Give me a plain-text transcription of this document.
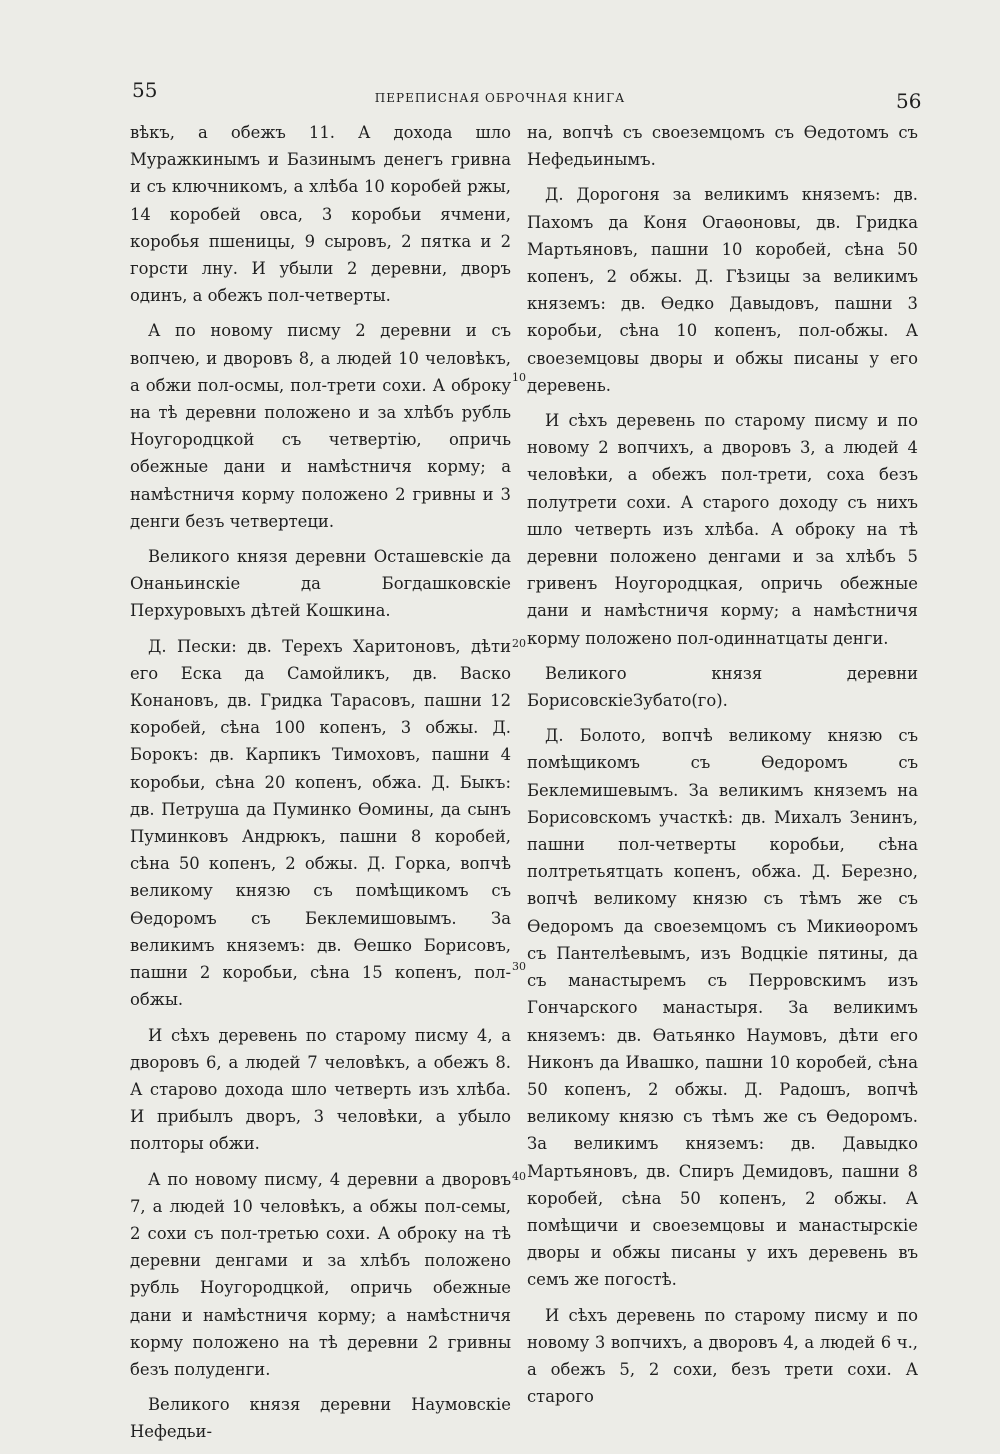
55	ПЕРЕПИСНАЯ ОБРОЧНАЯ КНИГА	56

вѣкъ, а обежъ 11. А дохода шло Муражкинымъ и Базинымъ денегъ гривна и съ ключникомъ, а хлѣба 10 коробей ржы, 14 коробей овса, 3 коробьи ячмени, коробья пшеницы, 9 сыровъ, 2 пятка и 2 горсти лну. И убыли 2 деревни, дворъ одинъ, а обежъ пол-четверты.

А по новому писму 2 деревни и съ вопчею, и дворовъ 8, а людей 10 человѣкъ, а обжи пол-осмы, пол-трети сохи. А оброку на тѣ деревни положено и за хлѣбъ рубль Ноугородцкой съ четвертію, опричь обежные дани и намѣстничя корму; а намѣстничя корму положено 2 гривны и 3 денги безъ четвертеци.

Великого князя деревни Осташевскіе да Онаньинскіе да Богдашковскіе Перхуровыхъ дѣтей Кошкина.

Д. Пески: дв. Терехъ Харитоновъ, дѣти его Еска да Самойликъ, дв. Васко Конановъ, дв. Гридка Тарасовъ, пашни 12 коробей, сѣна 100 копенъ, 3 обжы. Д. Борокъ: дв. Карпикъ Тимоховъ, пашни 4 коробьи, сѣна 20 копенъ, обжа. Д. Быкъ: дв. Петруша да Пуминко Ѳомины, да сынъ Пуминковъ Андрюкъ, пашни 8 коробей, сѣна 50 копенъ, 2 обжы. Д. Горка, вопчѣ великому князю съ помѣщикомъ съ Ѳедоромъ съ Беклемишовымъ. За великимъ княземъ: дв. Ѳешко Борисовъ, пашни 2 коробьи, сѣна 15 копенъ, пол-обжы.

И сѣхъ деревень по старому писму 4, а дворовъ 6, а людей 7 человѣкъ, а обежъ 8. А старово дохода шло четверть изъ хлѣба. И прибылъ дворъ, 3 человѣки, а убыло полторы обжи.

А по новому писму, 4 деревни а дворовъ 7, а людей 10 человѣкъ, а обжы пол-семы, 2 сохи съ пол-третью сохи. А оброку на тѣ деревни денгами и за хлѣбъ положено рубль Ноугородцкой, опричь обежные дани и намѣстничя корму; а намѣстничя корму положено на тѣ деревни 2 гривны безъ полуденги.

Великого князя деревни Наумовскіе Нефедьи-

10
20
30
40

на, вопчѣ съ своеземцомъ съ Ѳедотомъ съ Нефедьинымъ.

Д. Дорогоня за великимъ княземъ: дв. Пахомъ да Коня Огаѳоновы, дв. Гридка Мартьяновъ, пашни 10 коробей, сѣна 50 копенъ, 2 обжы. Д. Гѣзицы за великимъ княземъ: дв. Ѳедко Давыдовъ, пашни 3 коробьи, сѣна 10 копенъ, пол-обжы. А своеземцовы дворы и обжы писаны у его деревень.

И сѣхъ деревень по старому писму и по новому 2 вопчихъ, а дворовъ 3, а людей 4 человѣки, а обежъ пол-трети, соха безъ полутрети сохи. А старого доходу съ нихъ шло четверть изъ хлѣба. А оброку на тѣ деревни положено денгами и за хлѣбъ 5 гривенъ Ноугородцкая, опричь обежные дани и намѣстничя корму; а намѣстничя корму положено пол-одиннатцаты денги.

Великого князя деревни БорисовскіеЗубато(го).

Д. Болото, вопчѣ великому князю съ помѣщикомъ съ Ѳедоромъ съ Беклемишевымъ. За великимъ княземъ на Борисовскомъ участкѣ: дв. Михалъ Зенинъ, пашни пол-четверты коробьи, сѣна полтретьятцать копенъ, обжа. Д. Березно, вопчѣ великому князю съ тѣмъ же съ Ѳедоромъ да своеземцомъ съ Микиѳоромъ съ Пантелѣевымъ, изъ Водцкіе пятины, да съ манастыремъ съ Перровскимъ изъ Гончарского манастыря. За великимъ княземъ: дв. Ѳатьянко Наумовъ, дѣти его Никонъ да Ивашко, пашни 10 коробей, сѣна 50 копенъ, 2 обжы. Д. Радошъ, вопчѣ великому князю съ тѣмъ же съ Ѳедоромъ. За великимъ княземъ: дв. Давыдко Мартьяновъ, дв. Спиръ Демидовъ, пашни 8 коробей, сѣна 50 копенъ, 2 обжы. А помѣщичи и своеземцовы и манастырскіе дворы и обжы писаны у ихъ деревень въ семъ же погостѣ.

И сѣхъ деревень по старому писму и по новому 3 вопчихъ, а дворовъ 4, а людей 6 ч., а обежъ 5, 2 сохи, безъ трети сохи. А старого
